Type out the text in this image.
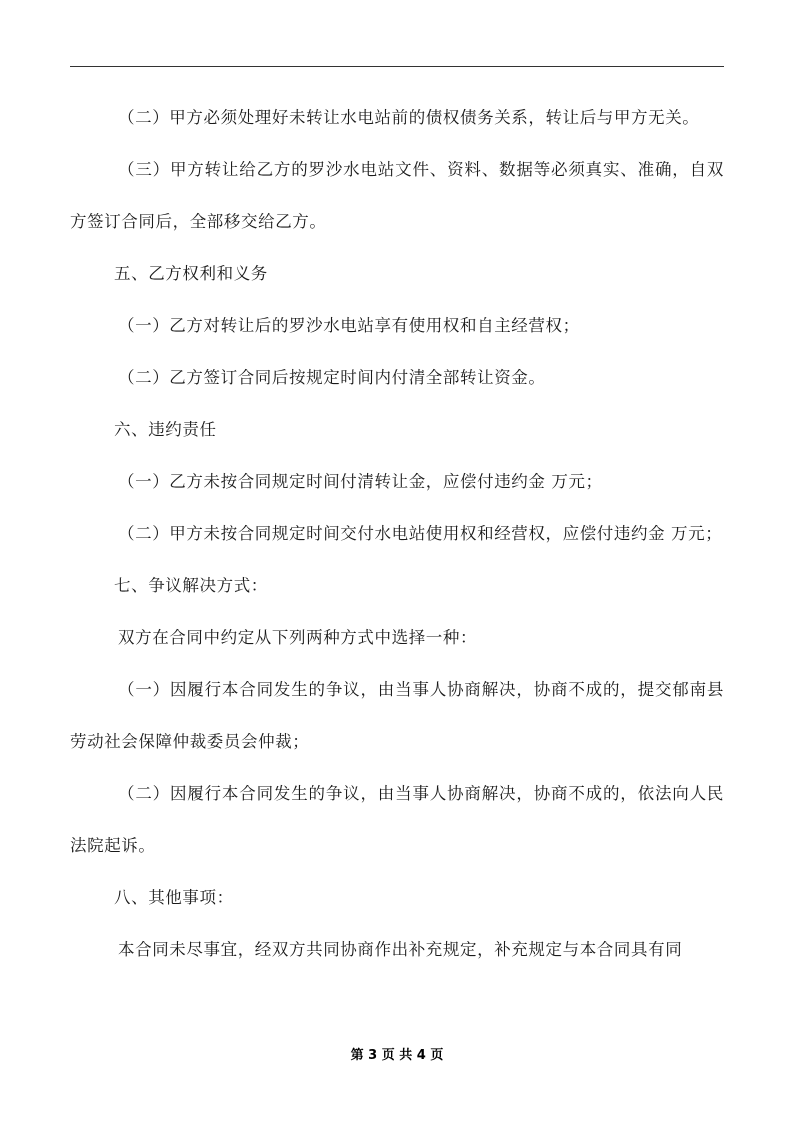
（二）甲方必须处理好未转让水电站前的债权债务关系，转让后与甲方无关。

（三）甲方转让给乙方的罗沙水电站文件、资料、数据等必须真实、准确，自双方签订合同后，全部移交给乙方。

五、乙方权利和义务

（一）乙方对转让后的罗沙水电站享有使用权和自主经营权；

（二）乙方签订合同后按规定时间内付清全部转让资金。

六、违约责任

（一）乙方未按合同规定时间付清转让金，应偿付违约金 万元；

（二）甲方未按合同规定时间交付水电站使用权和经营权，应偿付违约金 万元；

七、争议解决方式：

双方在合同中约定从下列两种方式中选择一种：

（一）因履行本合同发生的争议，由当事人协商解决，协商不成的，提交郁南县劳动社会保障仲裁委员会仲裁；

（二）因履行本合同发生的争议，由当事人协商解决，协商不成的，依法向人民法院起诉。

八、其他事项：

本合同未尽事宜，经双方共同协商作出补充规定，补充规定与本合同具有同

第 3 页 共 4 页
